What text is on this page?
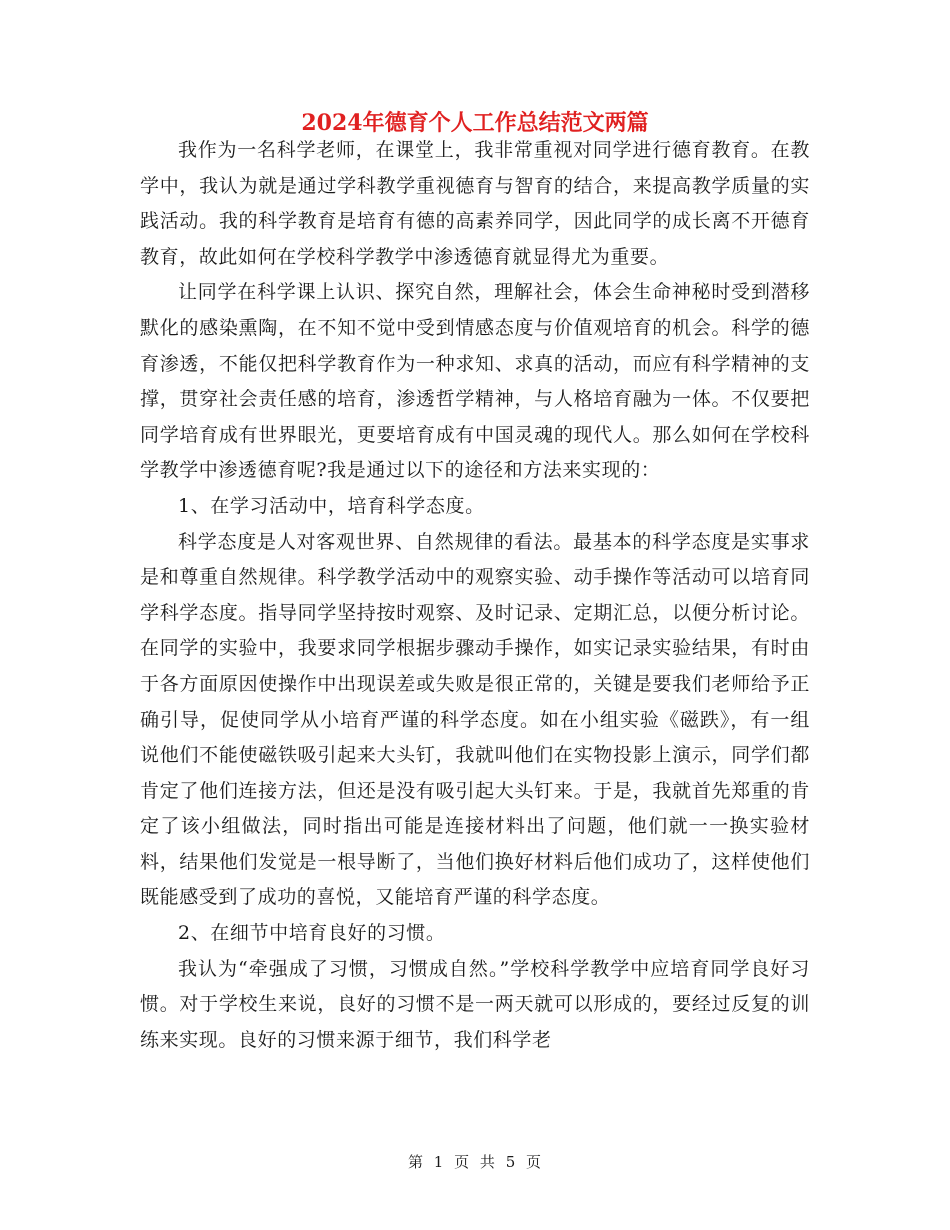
2024年德育个人工作总结范文两篇

我作为一名科学老师，在课堂上，我非常重视对同学进行德育教育。在教学中，我认为就是通过学科教学重视德育与智育的结合，来提高教学质量的实践活动。我的科学教育是培育有德的高素养同学，因此同学的成长离不开德育教育，故此如何在学校科学教学中渗透德育就显得尤为重要。

让同学在科学课上认识、探究自然，理解社会，体会生命神秘时受到潜移默化的感染熏陶，在不知不觉中受到情感态度与价值观培育的机会。科学的德育渗透，不能仅把科学教育作为一种求知、求真的活动，而应有科学精神的支撑，贯穿社会责任感的培育，渗透哲学精神，与人格培育融为一体。不仅要把同学培育成有世界眼光，更要培育成有中国灵魂的现代人。那么如何在学校科学教学中渗透德育呢?我是通过以下的途径和方法来实现的：

1、在学习活动中，培育科学态度。

科学态度是人对客观世界、自然规律的看法。最基本的科学态度是实事求是和尊重自然规律。科学教学活动中的观察实验、动手操作等活动可以培育同学科学态度。指导同学坚持按时观察、及时记录、定期汇总，以便分析讨论。在同学的实验中，我要求同学根据步骤动手操作，如实记录实验结果，有时由于各方面原因使操作中出现误差或失败是很正常的，关键是要我们老师给予正确引导，促使同学从小培育严谨的科学态度。如在小组实验《磁跌》，有一组说他们不能使磁铁吸引起来大头钉，我就叫他们在实物投影上演示，同学们都肯定了他们连接方法，但还是没有吸引起大头钉来。于是，我就首先郑重的肯定了该小组做法，同时指出可能是连接材料出了问题，他们就一一换实验材料，结果他们发觉是一根导断了，当他们换好材料后他们成功了，这样使他们既能感受到了成功的喜悦，又能培育严谨的科学态度。

2、在细节中培育良好的习惯。

我认为“牵强成了习惯，习惯成自然。”学校科学教学中应培育同学良好习惯。对于学校生来说，良好的习惯不是一两天就可以形成的，要经过反复的训练来实现。良好的习惯来源于细节，我们科学老

第 1 页 共 5 页
